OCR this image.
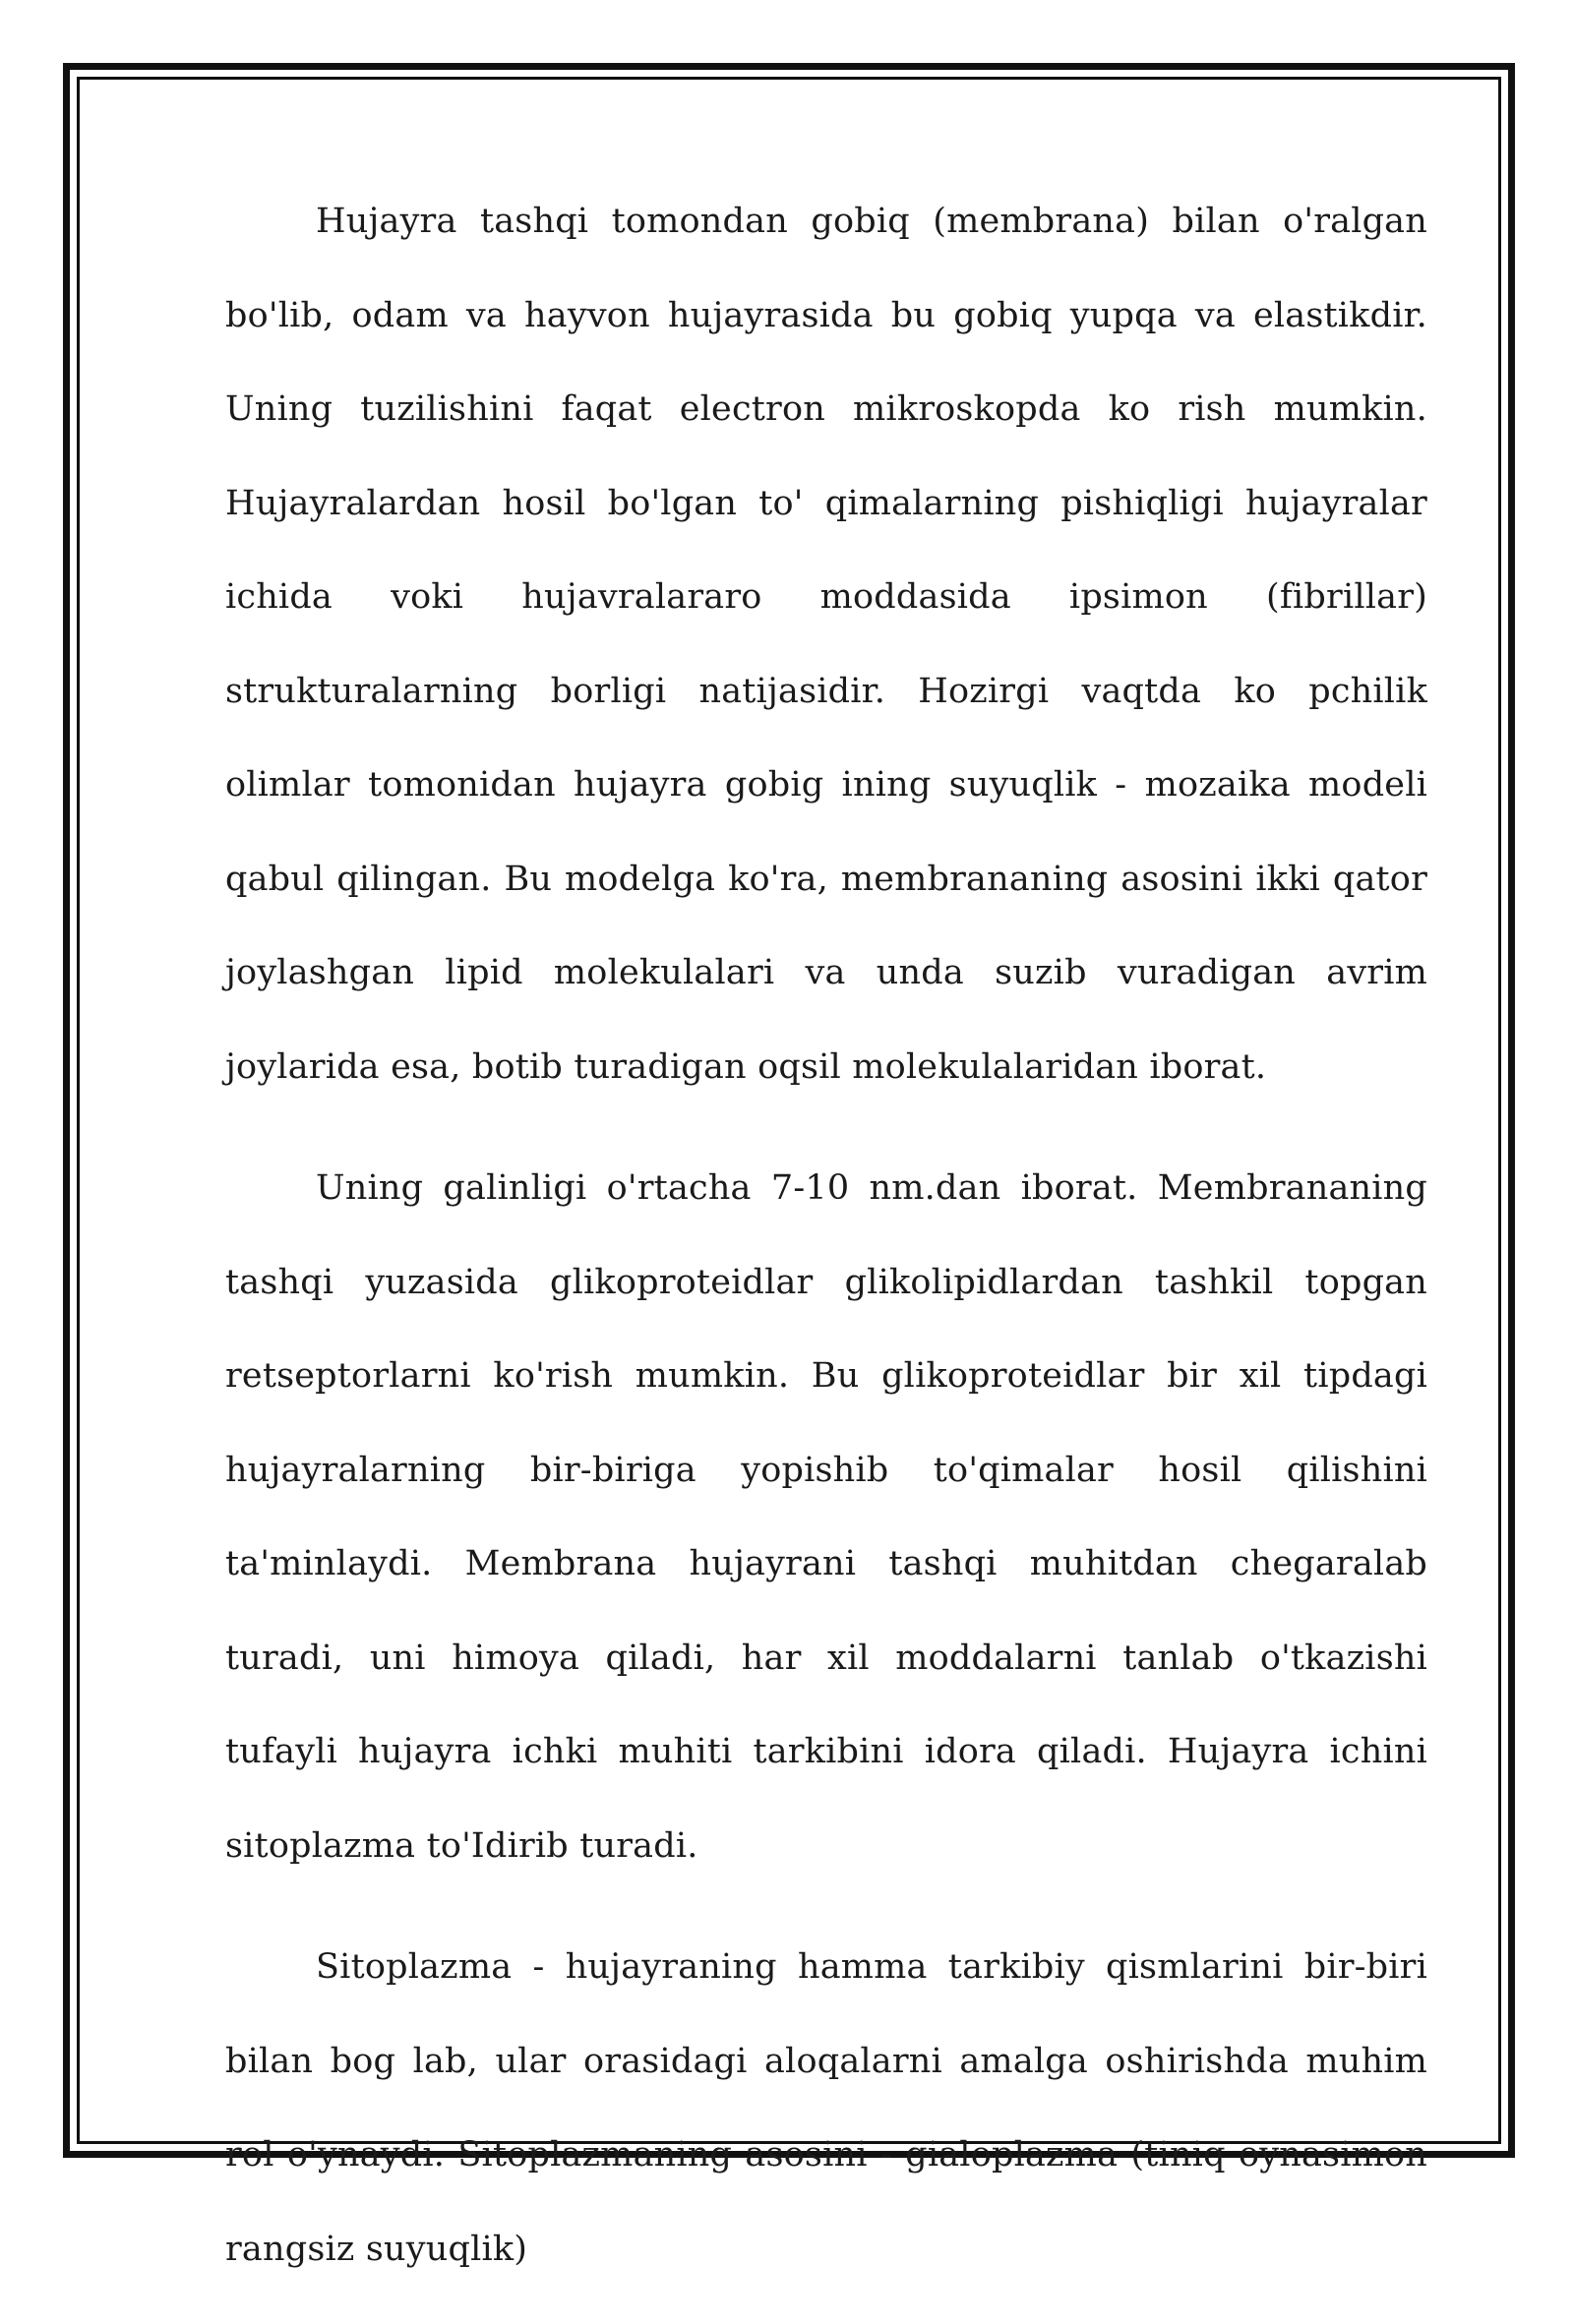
Hujayra tashqi tomondan gobiq (membrana) bilan o'ralgan bo'lib, odam va hayvon hujayrasida bu gobiq yupqa va elastikdir. Uning tuzilishini faqat electron mikroskopda ko rish mumkin. Hujayralardan hosil bo'lgan to' qimalarning pishiqligi hujayralar ichida voki hujavralararo moddasida ipsimon (fibrillar) strukturalarning borligi natijasidir. Hozirgi vaqtda ko pchilik olimlar tomonidan hujayra gobig ining suyuqlik - mozaika modeli qabul qilingan. Bu modelga ko'ra, membrananing asosini ikki qator joylashgan lipid molekulalari va unda suzib vuradigan avrim joylarida esa, botib turadigan oqsil molekulalaridan iborat.

Uning galinligi o'rtacha 7-10 nm.dan iborat. Membrananing tashqi yuzasida glikoproteidlar glikolipidlardan tashkil topgan retseptorlarni ko'rish mumkin. Bu glikoproteidlar bir xil tipdagi hujayralarning bir-biriga yopishib to'qimalar hosil qilishini ta'minlaydi. Membrana hujayrani tashqi muhitdan chegaralab turadi, uni himoya qiladi, har xil moddalarni tanlab o'tkazishi tufayli hujayra ichki muhiti tarkibini idora qiladi. Hujayra ichini sitoplazma to'Idirib turadi.

Sitoplazma - hujayraning hamma tarkibiy qismlarini bir-biri bilan bog lab, ular orasidagi aloqalarni amalga oshirishda muhim rol o'ynaydi. Sitoplazmaning asosini - gialoplazma (tiniq oynasimon rangsiz suyuqlik)
